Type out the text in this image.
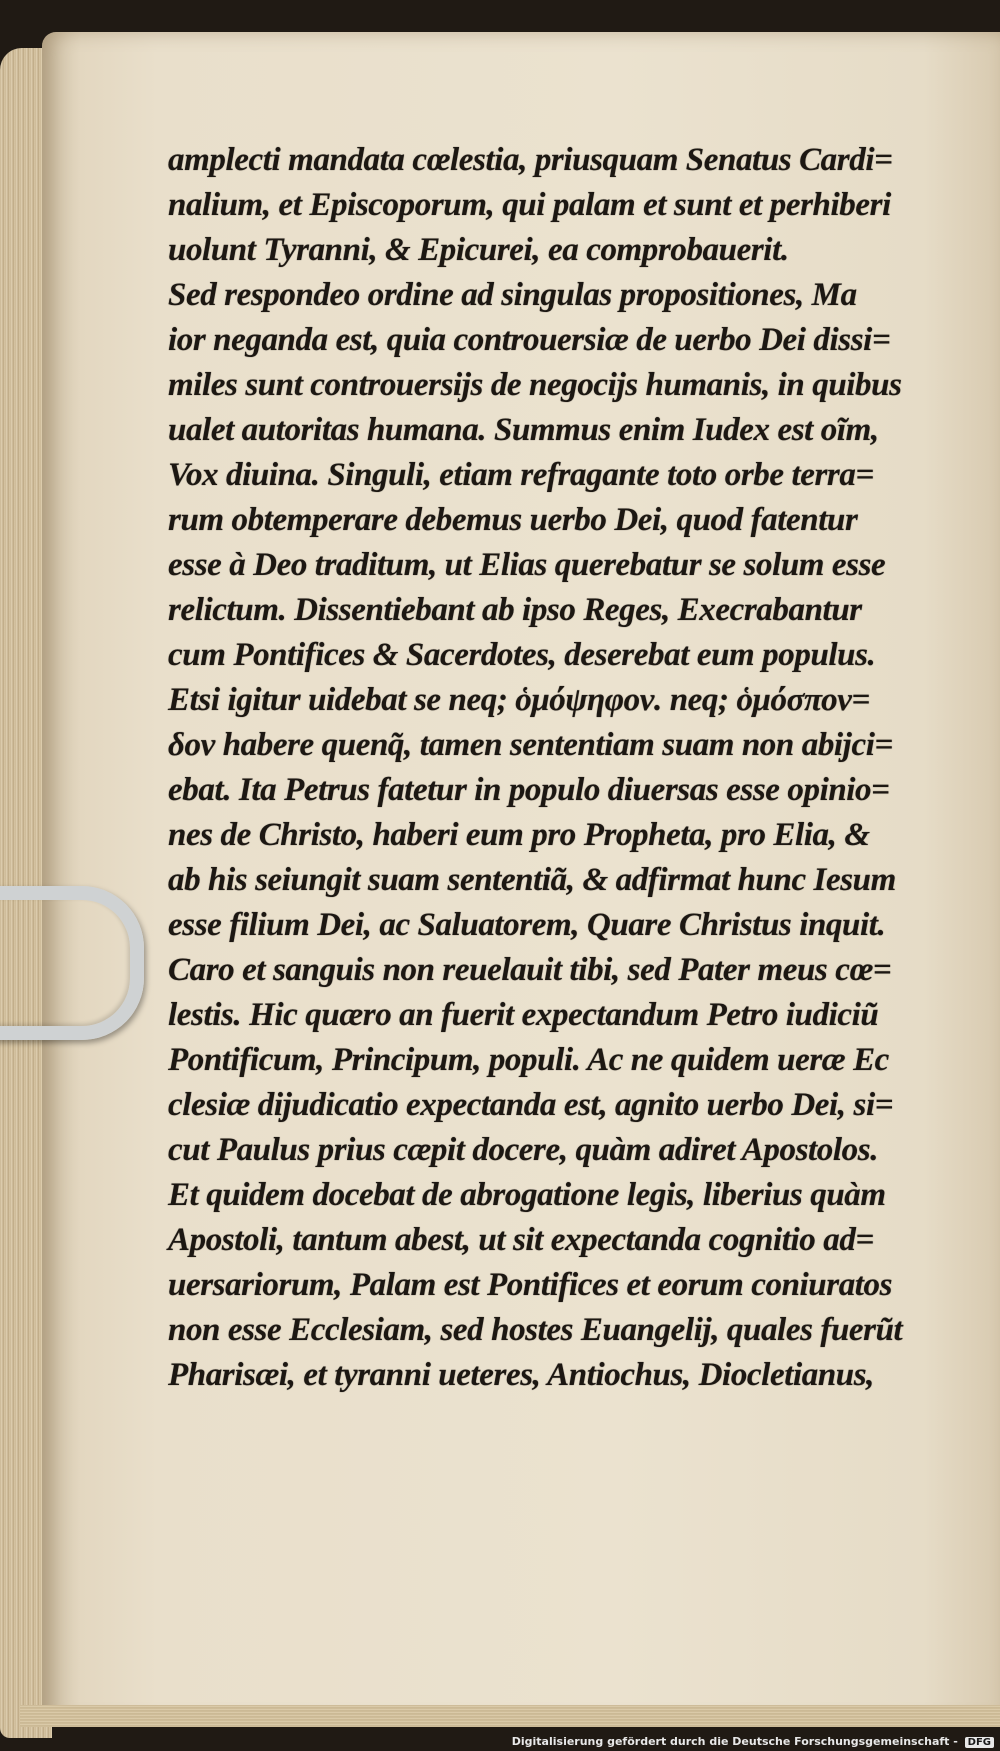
amplecti mandata cœlestia, priusquam Senatus Cardi=
nalium, et Episcoporum, qui palam et sunt et perhiberi
uolunt Tyranni, & Epicurei, ea comprobauerit.
Sed respondeo ordine ad singulas propositiones, Ma
ior neganda est, quia controuersiæ de uerbo Dei dissi=
miles sunt controuersijs de negocijs humanis, in quibus
ualet autoritas humana. Summus enim Iudex est oĩm,
Vox diuina. Singuli, etiam refragante toto orbe terra=
rum obtemperare debemus uerbo Dei, quod fatentur
esse à Deo traditum, ut Elias querebatur se solum esse
relictum. Dissentiebant ab ipso Reges, Execrabantur
cum Pontifices & Sacerdotes, deserebat eum populus.
Etsi igitur uidebat se neq; ὁμόψηφον. neq; ὁμόσπον=
δον habere quenq̃, tamen sententiam suam non abijci=
ebat. Ita Petrus fatetur in populo diuersas esse opinio=
nes de Christo, haberi eum pro Propheta, pro Elia, &
ab his seiungit suam sententiã, & adfirmat hunc Iesum
esse filium Dei, ac Saluatorem, Quare Christus inquit.
Caro et sanguis non reuelauit tibi, sed Pater meus cœ=
lestis. Hic quæro an fuerit expectandum Petro iudiciũ
Pontificum, Principum, populi. Ac ne quidem ueræ Ec
clesiæ dijudicatio expectanda est, agnito uerbo Dei, si=
cut Paulus prius cæpit docere, quàm adiret Apostolos.
Et quidem docebat de abrogatione legis, liberius quàm
Apostoli, tantum abest, ut sit expectanda cognitio ad=
uersariorum, Palam est Pontifices et eorum coniuratos
non esse Ecclesiam, sed hostes Euangelij, quales fuerũt
Pharisæi, et tyranni ueteres, Antiochus, Diocletianus,
Digitalisierung gefördert durch die Deutsche Forschungsgemeinschaft - DFG
